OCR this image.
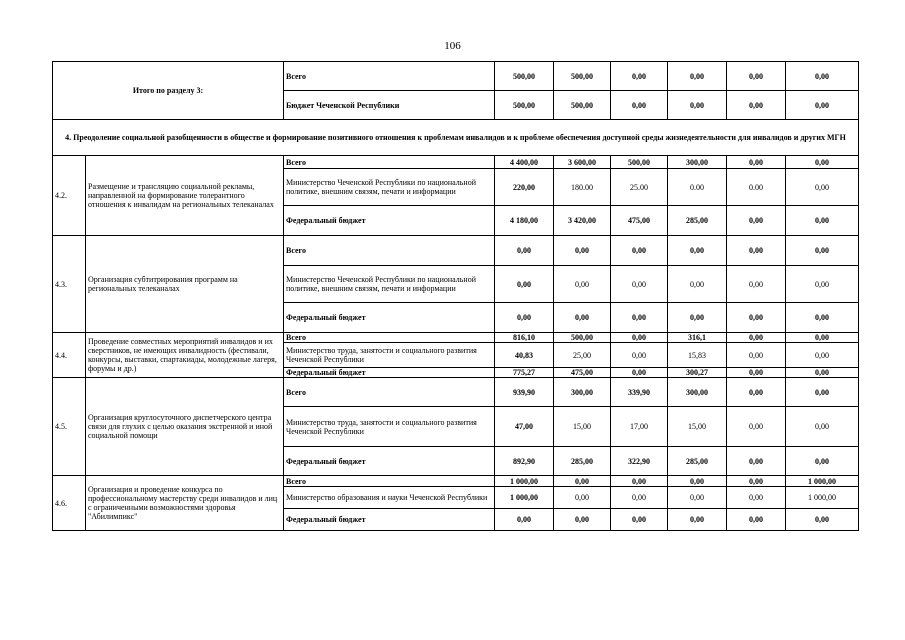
106
Итого по разделу 3:		Всего	500,00	500,00	0,00	0,00	0,00	0,00
		Бюджет Чеченской Республики	500,00	500,00	0,00	0,00	0,00	0,00
4. Преодоление социальной разобщенности в обществе и формирование позитивного отношения к проблемам инвалидов и к проблеме обеспечения доступной среды жизнедеятельности для инвалидов и других МГН								
4.2.	Размещение и трансляцию социальной рекламы, направленной на формирование толерантного отношения к инвалидам на региональных телеканалах	Всего	4 400,00	3 600,00	500,00	300,00	0,00	0,00
		Министерство Чеченской Республики по национальной политике, внешним связям, печати и информации	220,00	180.00	25.00	0.00	0.00	0,00
		Федеральный бюджет	4 180,00	3 420,00	475,00	285,00	0,00	0,00
4.3.	Организация субтитрирования программ на региональных телеканалах	Всего	0,00	0,00	0,00	0,00	0,00	0,00
		Министерство Чеченской Республики по национальной политике, внешним связям, печати и информации	0,00	0,00	0,00	0,00	0,00	0,00
		Федеральный бюджет	0,00	0,00	0,00	0,00	0,00	0,00
4.4.	Проведение совместных мероприятий инвалидов и их сверстников, не имеющих инвалидность (фестивали, конкурсы, выставки, спартакиады, молодежные лагеря, форумы и др.)	Всего	816,10	500,00	0,00	316,1	0,00	0,00
		Министерство труда, занятости и социального развития Чеченской Республики	40,83	25,00	0,00	15,83	0,00	0,00
		Федеральный бюджет	775,27	475,00	0,00	300,27	0,00	0,00
4.5.	Организация круглосуточного диспетчерского центра связи для глухих с целью оказания экстренной и иной социальной помощи	Всего	939,90	300,00	339,90	300,00	0,00	0,00
		Министерство труда, занятости и социального развития Чеченской Республики	47,00	15,00	17,00	15,00	0,00	0,00
		Федеральный бюджет	892,90	285,00	322,90	285,00	0,00	0,00
4.6.	Организация и проведение конкурса по профессиональному мастерству среди инвалидов и лиц с ограниченными возможностями здоровья "Абилимпикс"	Всего	1 000,00	0,00	0,00	0,00	0,00	1 000,00
		Министерство образования и науки Чеченской Республики	1 000,00	0,00	0,00	0,00	0,00	1 000,00
		Федеральный бюджет	0,00	0,00	0,00	0,00	0,00	0,00
